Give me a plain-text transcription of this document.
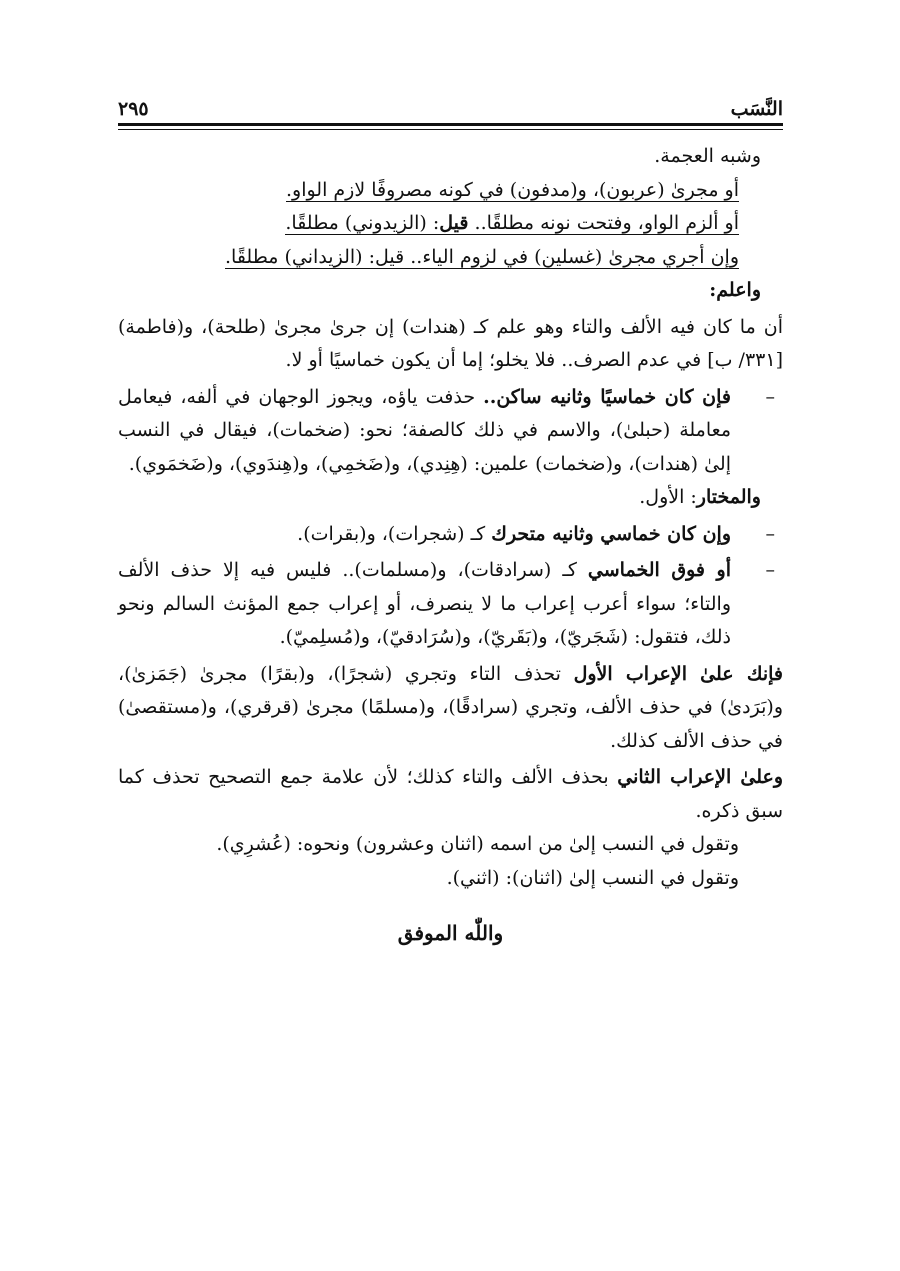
٢٩٥	النَّسَب

وشبه العجمة.

أو مجرىٰ (عربون)، و(مدفون) في كونه مصروفًا لازم الواو.

أو ألزم الواو، وفتحت نونه مطلقًا.. قيل: (الزيدوني) مطلقًا.

وإن أجري مجرىٰ (غسلين) في لزوم الياء.. قيل: (الزيداني) مطلقًا.

واعلم:

أن ما كان فيه الألف والتاء وهو علم كـ (هندات) إن جرىٰ مجرىٰ (طلحة)، و(فاطمة) [٣٣١/ ب] في عدم الصرف.. فلا يخلو؛ إما أن يكون خماسيًا أو لا.

–
فإن كان خماسيًا وثانيه ساكن.. حذفت ياؤه، ويجوز الوجهان في ألفه، فيعامل معاملة (حبلىٰ)، والاسم في ذلك كالصفة؛ نحو: (ضخمات)، فيقال في النسب إلىٰ (هندات)، و(ضخمات) علمين: (هِنِدي)، و(ضَخمِي)، و(هِندَوي)، و(ضَخمَوي).

والمختار: الأول.

–
وإن كان خماسي وثانيه متحرك كـ (شجرات)، و(بقرات).

–
أو فوق الخماسي كـ (سرادقات)، و(مسلمات).. فليس فيه إلا حذف الألف والتاء؛ سواء أعرب إعراب ما لا ينصرف، أو إعراب جمع المؤنث السالم ونحو ذلك، فتقول: (شَجَريّ)، و(بَقَريّ)، و(سُرَادقيّ)، و(مُسلِميّ).

فإنك علىٰ الإعراب الأول تحذف التاء وتجري (شجرًا)، و(بقرًا) مجرىٰ (جَمَزىٰ)، و(بَرَدىٰ) في حذف الألف، وتجري (سرادقًا)، و(مسلمًا) مجرىٰ (قرقري)، و(مستقصىٰ) في حذف الألف كذلك.

وعلىٰ الإعراب الثاني بحذف الألف والتاء كذلك؛ لأن علامة جمع التصحيح تحذف كما سبق ذكره.

وتقول في النسب إلىٰ من اسمه (اثنان وعشرون) ونحوه: (عُشرِي).

وتقول في النسب إلىٰ (اثنان): (اثني).

واللّٰه الموفق
